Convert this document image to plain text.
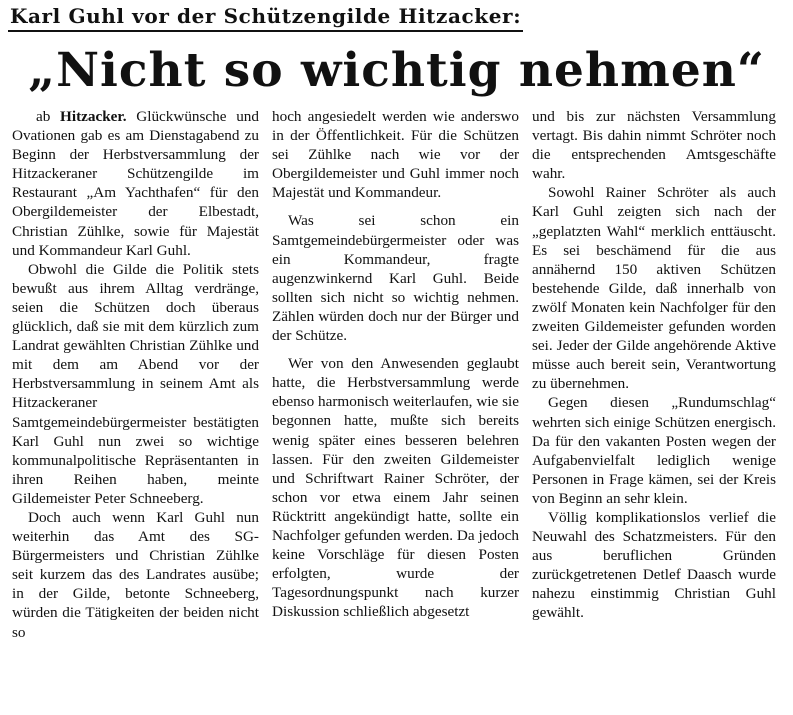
Karl Guhl vor der Schützengilde Hitzacker:
„Nicht so wichtig nehmen“

ab Hitzacker. Glückwünsche und Ovationen gab es am Dienstagabend zu Beginn der Herbstversammlung der Hitzackeraner Schützengilde im Restaurant „Am Yachthafen“ für den Obergildemeister der Elbestadt, Christian Zühlke, sowie für Majestät und Kommandeur Karl Guhl.

Obwohl die Gilde die Politik stets bewußt aus ihrem Alltag verdränge, seien die Schützen doch überaus glücklich, daß sie mit dem kürzlich zum Landrat gewählten Christian Zühlke und mit dem am Abend vor der Herbstversammlung in seinem Amt als Hitzackeraner Samtgemeindebürgermeister bestätigten Karl Guhl nun zwei so wichtige kommunalpolitische Repräsentanten in ihren Reihen haben, meinte Gildemeister Peter Schneeberg.

Doch auch wenn Karl Guhl nun weiterhin das Amt des SG-Bürgermeisters und Christian Zühlke seit kurzem das des Landrates ausübe; in der Gilde, betonte Schneeberg, würden die Tätigkeiten der beiden nicht so

hoch angesiedelt werden wie anderswo in der Öffentlichkeit. Für die Schützen sei Zühlke nach wie vor der Obergildemeister und Guhl immer noch Majestät und Kommandeur.

Was sei schon ein Samtgemeindebürgermeister oder was ein Kommandeur, fragte augenzwinkernd Karl Guhl. Beide sollten sich nicht so wichtig nehmen. Zählen würden doch nur der Bürger und der Schütze.

Wer von den Anwesenden geglaubt hatte, die Herbstversammlung werde ebenso harmonisch weiterlaufen, wie sie begonnen hatte, mußte sich bereits wenig später eines besseren belehren lassen. Für den zweiten Gildemeister und Schriftwart Rainer Schröter, der schon vor etwa einem Jahr seinen Rücktritt angekündigt hatte, sollte ein Nachfolger gefunden werden. Da jedoch keine Vorschläge für diesen Posten erfolgten, wurde der Tagesordnungspunkt nach kurzer Diskussion schließlich abgesetzt

und bis zur nächsten Versammlung vertagt. Bis dahin nimmt Schröter noch die entsprechenden Amtsgeschäfte wahr.

Sowohl Rainer Schröter als auch Karl Guhl zeigten sich nach der „geplatzten Wahl“ merklich enttäuscht. Es sei beschämend für die aus annähernd 150 aktiven Schützen bestehende Gilde, daß innerhalb von zwölf Monaten kein Nachfolger für den zweiten Gildemeister gefunden worden sei. Jeder der Gilde angehörende Aktive müsse auch bereit sein, Verantwortung zu übernehmen.

Gegen diesen „Rundumschlag“ wehrten sich einige Schützen energisch. Da für den vakanten Posten wegen der Aufgabenvielfalt lediglich wenige Personen in Frage kämen, sei der Kreis von Beginn an sehr klein.

Völlig komplikationslos verlief die Neuwahl des Schatzmeisters. Für den aus beruflichen Gründen zurückgetretenen Detlef Daasch wurde nahezu einstimmig Christian Guhl gewählt.
